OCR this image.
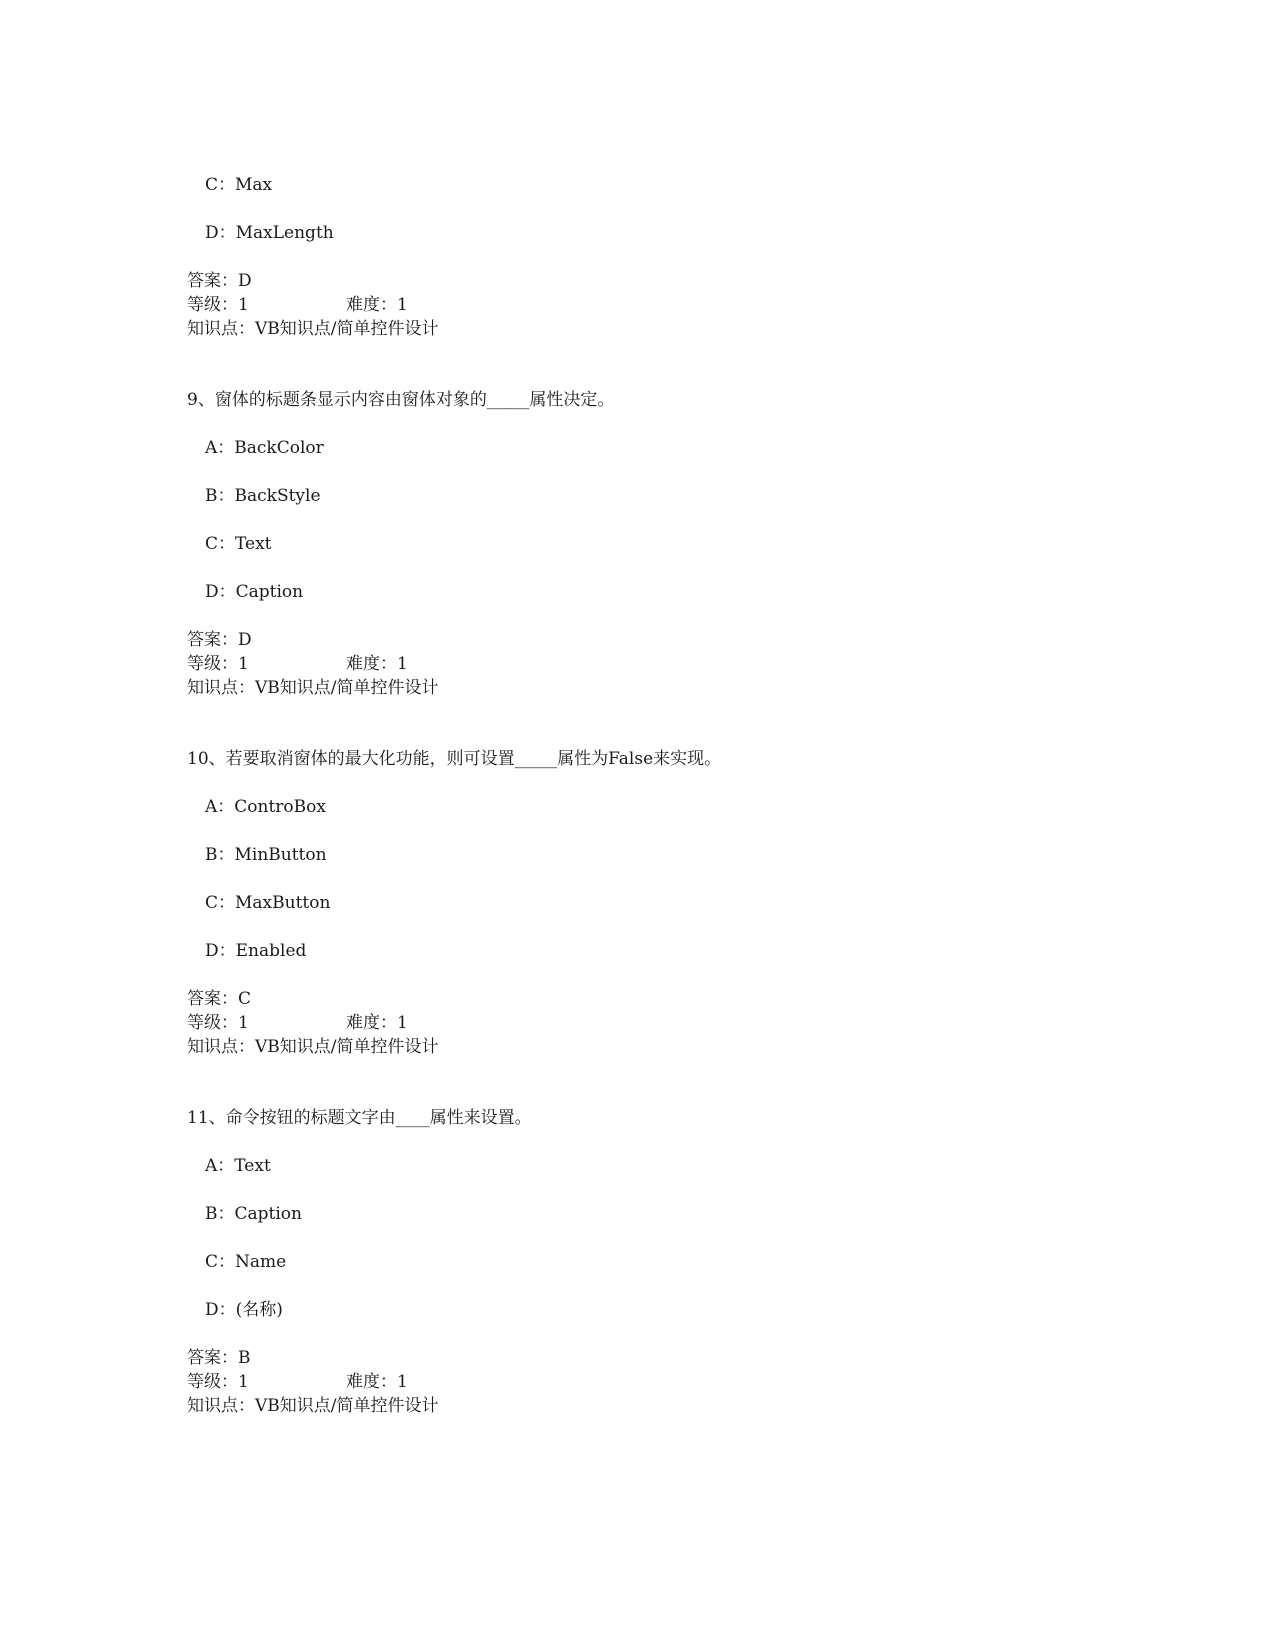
C：Max
D：MaxLength
答案：D
等级：1	难度：1
知识点：VB知识点/简单控件设计
9、窗体的标题条显示内容由窗体对象的_____属性决定。
A：BackColor
B：BackStyle
C：Text
D：Caption
答案：D
等级：1	难度：1
知识点：VB知识点/简单控件设计
10、若要取消窗体的最大化功能，则可设置_____属性为False来实现。
A：ControBox
B：MinButton
C：MaxButton
D：Enabled
答案：C
等级：1	难度：1
知识点：VB知识点/简单控件设计
11、命令按钮的标题文字由____属性来设置。
A：Text
B：Caption
C：Name
D：(名称)
答案：B
等级：1	难度：1
知识点：VB知识点/简单控件设计
